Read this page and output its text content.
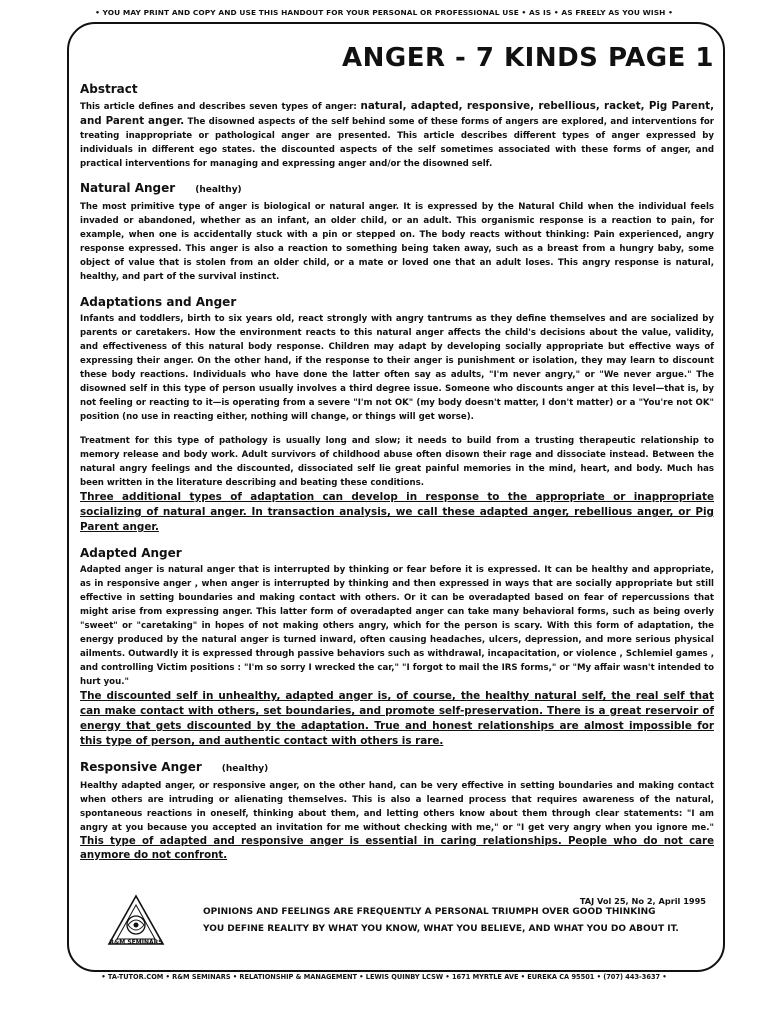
• YOU MAY PRINT AND COPY AND USE THIS HANDOUT FOR YOUR PERSONAL OR PROFESSIONAL USE • AS IS • AS FREELY AS YOU WISH •
ANGER - 7 KINDS PAGE 1
Abstract

This article defines and describes seven types of anger: natural, adapted, responsive, rebellious, racket, Pig Parent, and Parent anger. The disowned aspects of the self behind some of these forms of angers are explored, and interventions for treating inappropriate or pathological anger are presented. This article describes different types of anger expressed by individuals in different ego states. the discounted aspects of the self sometimes associated with these forms of anger, and practical interventions for managing and expressing anger and/or the disowned self.

Natural Anger (healthy)

The most primitive type of anger is biological or natural anger. It is expressed by the Natural Child when the individual feels invaded or abandoned, whether as an infant, an older child, or an adult. This organismic response is a reaction to pain, for example, when one is accidentally stuck with a pin or stepped on. The body reacts without thinking: Pain experienced, angry response expressed. This anger is also a reaction to something being taken away, such as a breast from a hungry baby, some object of value that is stolen from an older child, or a mate or loved one that an adult loses. This angry response is natural, healthy, and part of the survival instinct.

Adaptations and Anger

Infants and toddlers, birth to six years old, react strongly with angry tantrums as they define themselves and are socialized by parents or caretakers. How the environment reacts to this natural anger affects the child's decisions about the value, validity, and effectiveness of this natural body response. Children may adapt by developing socially appropriate but effective ways of expressing their anger. On the other hand, if the response to their anger is punishment or isolation, they may learn to discount these body reactions. Individuals who have done the latter often say as adults, "I'm never angry," or "We never argue." The disowned self in this type of person usually involves a third degree issue. Someone who discounts anger at this level—that is, by not feeling or reacting to it—is operating from a severe "I'm not OK" (my body doesn't matter, I don't matter) or a "You're not OK" position (no use in reacting either, nothing will change, or things will get worse).

Treatment for this type of pathology is usually long and slow; it needs to build from a trusting therapeutic relationship to memory release and body work. Adult survivors of childhood abuse often disown their rage and dissociate instead. Between the natural angry feelings and the discounted, dissociated self lie great painful memories in the mind, heart, and body. Much has been written in the literature describing and beating these conditions.

Three additional types of adaptation can develop in response to the appropriate or inappropriate socializing of natural anger. In transaction analysis, we call these adapted anger, rebellious anger, or Pig Parent anger.

Adapted Anger

Adapted anger is natural anger that is interrupted by thinking or fear before it is expressed. It can be healthy and appropriate, as in responsive anger , when anger is interrupted by thinking and then expressed in ways that are socially appropriate but still effective in setting boundaries and making contact with others. Or it can be overadapted based on fear of repercussions that might arise from expressing anger. This latter form of overadapted anger can take many behavioral forms, such as being overly "sweet" or "caretaking" in hopes of not making others angry, which for the person is scary. With this form of adaptation, the energy produced by the natural anger is turned inward, often causing headaches, ulcers, depression, and more serious physical ailments. Outwardly it is expressed through passive behaviors such as withdrawal, incapacitation, or violence , Schlemiel games , and controlling Victim positions : "I'm so sorry I wrecked the car," "I forgot to mail the IRS forms," or "My affair wasn't intended to hurt you."

The discounted self in unhealthy, adapted anger is, of course, the healthy natural self, the real self that can make contact with others, set boundaries, and promote self-preservation. There is a great reservoir of energy that gets discounted by the adaptation. True and honest relationships are almost impossible for this type of person, and authentic contact with others is rare.

Responsive Anger (healthy)

Healthy adapted anger, or responsive anger, on the other hand, can be very effective in setting boundaries and making contact when others are intruding or alienating themselves. This is also a learned process that requires awareness of the natural, spontaneous reactions in oneself, thinking about them, and letting others know about them through clear statements: "I am angry at you because you accepted an invitation for me without checking with me," or "I get very angry when you ignore me." This type of adapted and responsive anger is essential in caring relationships. People who do not care anymore do not confront.

TAJ Vol 25, No 2, April 1995
R&M SEMINARS
OPINIONS AND FEELINGS ARE FREQUENTLY A PERSONAL TRIUMPH OVER GOOD THINKING
YOU DEFINE REALITY BY WHAT YOU KNOW, WHAT YOU BELIEVE, AND WHAT YOU DO ABOUT IT.
• TA-TUTOR.COM • R&M SEMINARS • RELATIONSHIP & MANAGEMENT • LEWIS QUINBY LCSW • 1671 MYRTLE AVE • EUREKA CA 95501 • (707) 443-3637 •
